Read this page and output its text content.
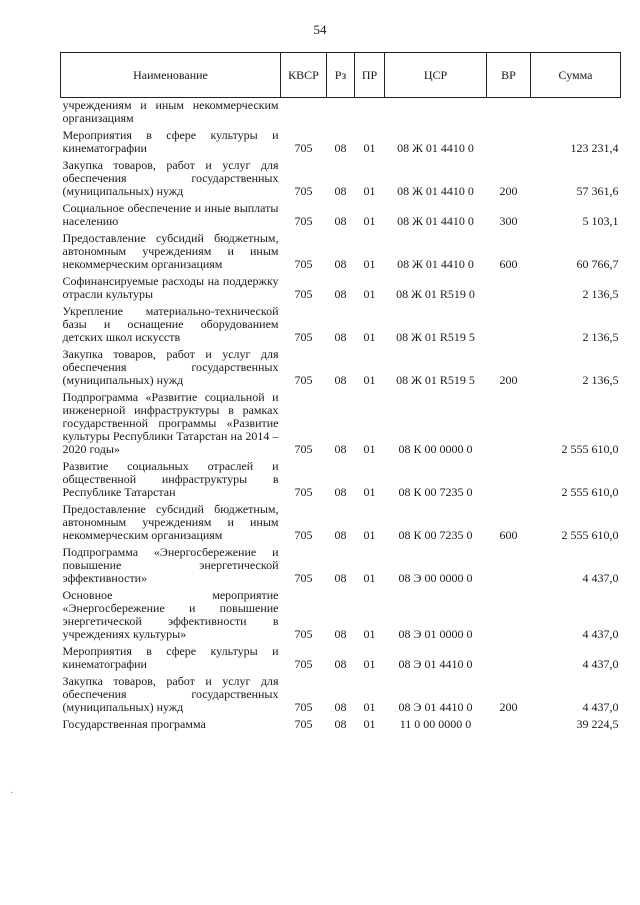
54
Наименование	КВСР	Рз	ПР	ЦСР	ВР	Сумма
учреждениям и иным некоммерческим организациям						
Мероприятия в сфере культуры и кинематографии	705	08	01	08 Ж 01 4410 0		123 231,4
Закупка товаров, работ и услуг для обеспечения государственных (муниципальных) нужд	705	08	01	08 Ж 01 4410 0	200	57 361,6
Социальное обеспечение и иные выплаты населению	705	08	01	08 Ж 01 4410 0	300	5 103,1
Предоставление субсидий бюджетным, автономным учреждениям и иным некоммерческим организациям	705	08	01	08 Ж 01 4410 0	600	60 766,7
Софинансируемые расходы на поддержку отрасли культуры	705	08	01	08 Ж 01 R519 0		2 136,5
Укрепление материально-технической базы и оснащение оборудованием детских школ искусств	705	08	01	08 Ж 01 R519 5		2 136,5
Закупка товаров, работ и услуг для обеспечения государственных (муниципальных) нужд	705	08	01	08 Ж 01 R519 5	200	2 136,5
Подпрограмма «Развитие социальной и инженерной инфраструктуры в рамках государственной программы «Развитие культуры Республики Татарстан на 2014 – 2020 годы»	705	08	01	08 К 00 0000 0		2 555 610,0
Развитие социальных отраслей и общественной инфраструктуры в Республике Татарстан	705	08	01	08 К 00 7235 0		2 555 610,0
Предоставление субсидий бюджетным, автономным учреждениям и иным некоммерческим организациям	705	08	01	08 К 00 7235 0	600	2 555 610,0
Подпрограмма «Энергосбережение и повышение энергетической эффективности»	705	08	01	08 Э 00 0000 0		4 437,0
Основное мероприятие «Энергосбережение и повышение энергетической эффективности в учреждениях культуры»	705	08	01	08 Э 01 0000 0		4 437,0
Мероприятия в сфере культуры и кинематографии	705	08	01	08 Э 01 4410 0		4 437,0
Закупка товаров, работ и услуг для обеспечения государственных (муниципальных) нужд	705	08	01	08 Э 01 4410 0	200	4 437,0
Государственная программа	705	08	01	11 0 00 0000 0		39 224,5
·
